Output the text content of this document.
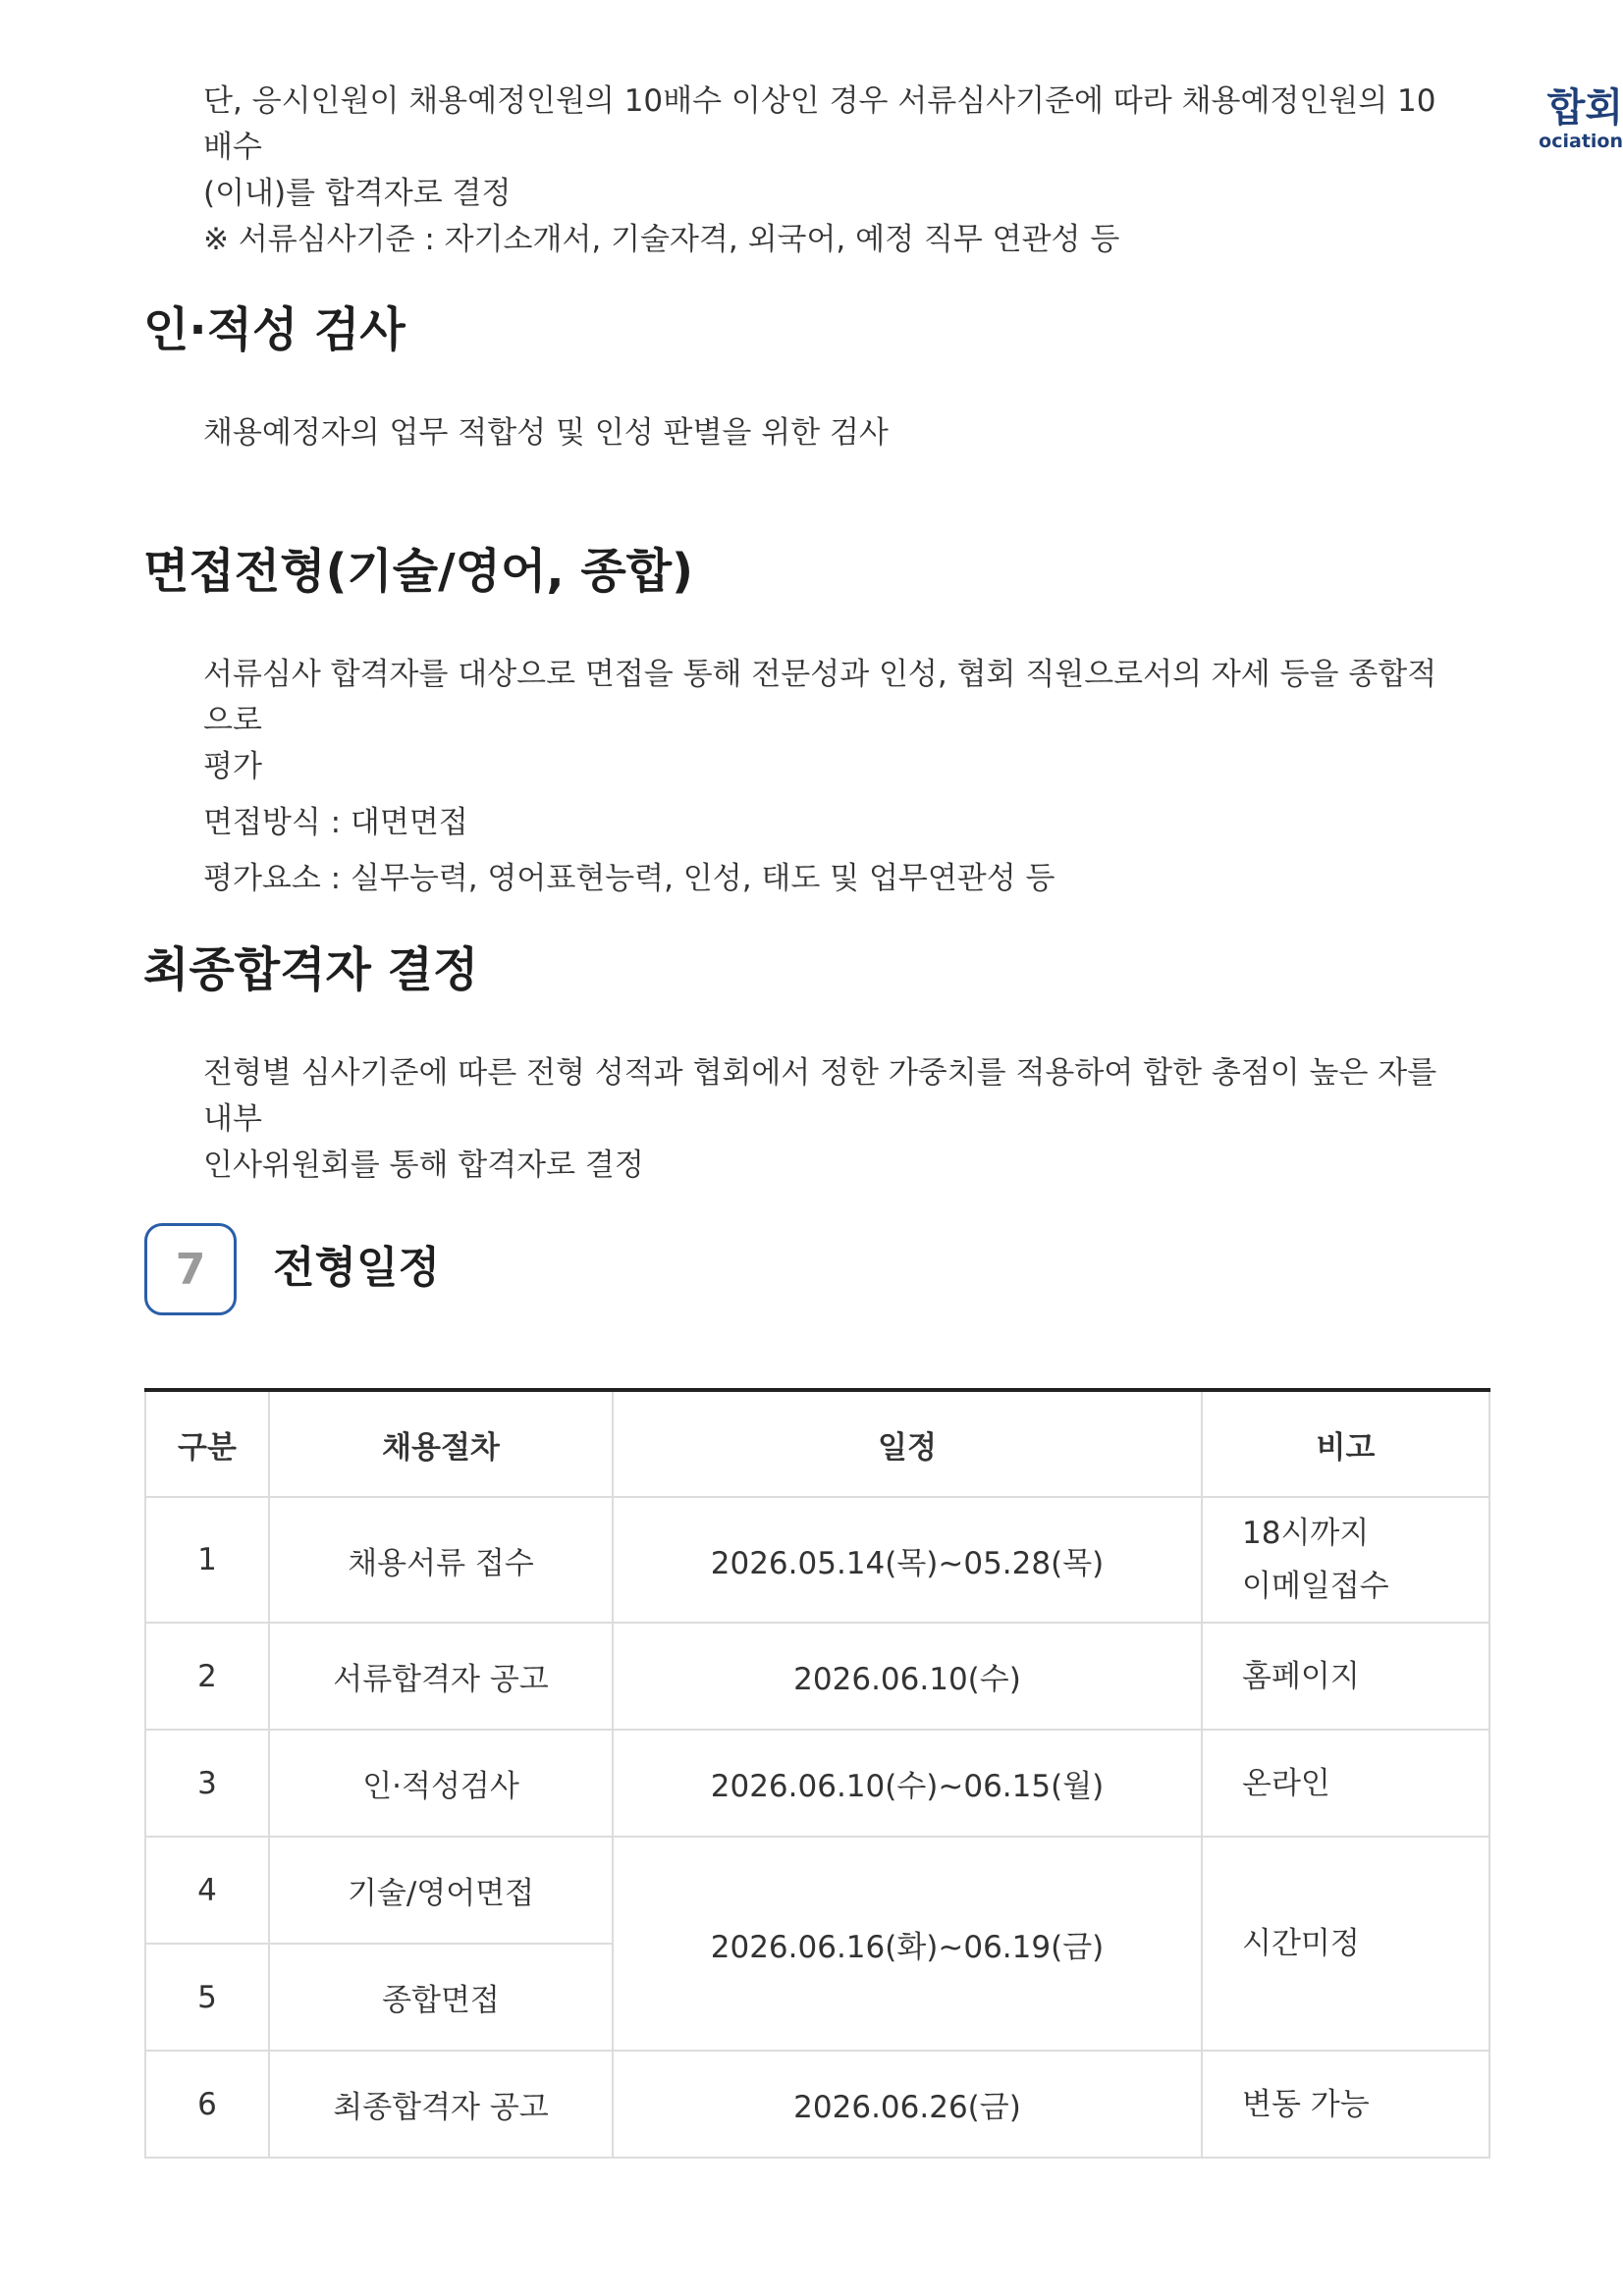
합회
ociation
단, 응시인원이 채용예정인원의 10배수 이상인 경우 서류심사기준에 따라 채용예정인원의 10배수
(이내)를 합격자로 결정
※ 서류심사기준 : 자기소개서, 기술자격, 외국어, 예정 직무 연관성 등
인·적성 검사
채용예정자의 업무 적합성 및 인성 판별을 위한 검사
면접전형(기술/영어, 종합)
서류심사 합격자를 대상으로 면접을 통해 전문성과 인성, 협회 직원으로서의 자세 등을 종합적으로
평가
면접방식 : 대면면접
평가요소 : 실무능력, 영어표현능력, 인성, 태도 및 업무연관성 등
최종합격자 결정
전형별 심사기준에 따른 전형 성적과 협회에서 정한 가중치를 적용하여 합한 총점이 높은 자를 내부
인사위원회를 통해 합격자로 결정
7	전형일정
구분	채용절차	일정	비고
1	채용서류 접수	2026.05.14(목)~05.28(목)	18시까지
이메일접수

2	서류합격자 공고	2026.06.10(수)	홈페이지
3	인·적성검사	2026.06.10(수)~06.15(월)	온라인
4	기술/영어면접	2026.06.16(화)~06.19(금)	시간미정
5	종합면접		
6	최종합격자 공고	2026.06.26(금)	변동 가능
